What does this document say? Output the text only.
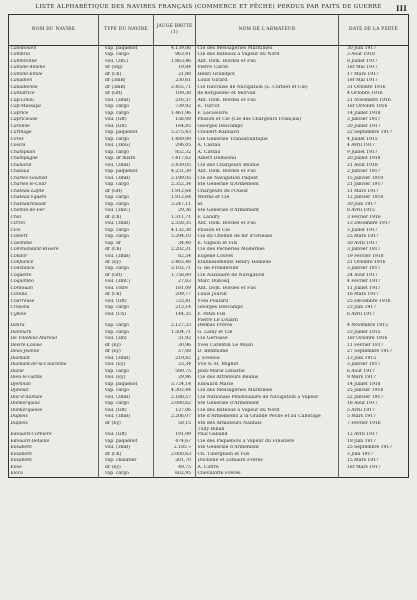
LISTE ALPHABÉTIQUE DES NAVIRES FRANÇAIS (COMMERCE ET PÊCHE) PERDUS PAR FAITS DE GUERRE III
NOM DU NAVIRE	TYPE DU NAVIRE	JAUGE BRUTE (1)	NOM DE L'ARMATEUR	DATE DE LA PERTE
Calédonien	vap. paquebot	4.139,06	Cie des Messageries Maritimes	30 Juin 1917
Cambrai	vap. cargo	963,41	Cie des Bateaux à Vapeur du Nord	3 Août 1918
Cambronne	voil. (3m.)	1.863,46	Ant. Dom. Bordes et Fils	8 Juillet 1917
Camille-Amélie	dr (Sfg)	19,84	Pierre Caron	1er Mai 1917
Camille-Émile	dr (Ch)	21,88	Henri Grandpot	17 Mars 1917
Canadien	dr (3mB)	230,61	Louis Girard	1er Mai 1917
Canadienne	dr (3mB)	2.455,71	Cie Havraise de Navigation (L. Corblet et Cie)	31 Octobre 1916
Cantatrice	dr (Gft)	109,38	de Kerguezec et Morvan	4 Octobre 1916
Cap-Lihou	voil. (3mB)	216,37	Ant. Dom. Bordes et Fils	21 Novembre 1916
Cap-Massaya	vap. cargo	739,92	E. Turcot	1er Octobre 1916
Caprice	vap. cargo	1.461,96	F. Lecoeuvre	14 Juillet 1918
Capricieuse	voil. (Gft)	156,09	Plisson et Cie (Cie des Chargeurs Français)	3 Janvier 1917
Caroline	voil. (Gft)	164,85	Georges Descamps	20 Juillet 1917
Carthage	vap. paquebot	5.275,43	Chobert-Railliard	22 Septembre 1917
Cérès	vap. cargo	1.489,99	Cie Générale Transatlantique	4 Juillet 1915
Césira	voil. (3mG)	296,05	A. Castau	4 Avril 1917
Champlain	vap. cargo	852,32	A. Castau	9 Juillet 1917
Champagne	vap. dr mixte	7.417,62	Albert Dumesnil	20 Juillet 1918
Chanaral	voil. (3mB)	2.439,05	Cie des Chargeurs Réunis	21 Août 1918
Chaouia	vap. paquebot	4.231,39	Ant. Dom. Bordes et Fils	2 Janvier 1917
Charles-Gounod	voil. (3mB)	2.199,05	Cie de Navigation Paquet	15 Janvier 1919
Charles-le-Cour	vap. cargo	2.352,34	Sté Générale d'Armement	21 Janvier 1917
Château-Lafite	dr (Gft)	1.912,64	Chargeurs de l'Ouest	11 Mars 1917
Château-Yquem	vap. cargo	1.912,64	Worms et Cie	12 Janvier 1918
Châteaurenault	vap. cargo	3.247,11	id.	30 Juin 1917
Chemin-de-Fer	voil. (3mC)	29,36	Sté Générale d'Armement	8 Avril 1915
Chili	dr (Ch)	1.311,71	F. Landry	3 Février 1916
Citron	voil. (3mB)	2.358,35	Ant. Dom. Bordes et Fils	13 Décembre 1917
Cicé	vap. cargo	4.132,38	Plisson et Cie	5 Juillet 1917
Colbert	vap. cargo	5.294,10	Cie du Chemin de fer d'Orléans	25 Mars 1917
Colombie	vap. dr	34,40	E. Gignon et Fils	30 Avril 1917
Commandant-Rivière	dr (Ch)	2.202,31	Cie des Pêcheries Modernes	3 Janvier 1917
Condor	voil. (3mB)	82,54	Eugène Louvet	19 Février 1918
Confiance	dr (Ey)	2.465,48	Établissements Henry Hamelle	21 Octobre 1916
Constance	vap. cargo	3.102,71	G. de Frondeville	3 Janvier 1917
Coquette	dr (Gft)	1.758,89	Cie Auxiliaire de Navigation	24 Août 1917
Coquimbo	voil. (3mC)	27,63	Marc Dubosq	4 Février 1917
Cordouan	voil. cotre	181,09	Ant. Dom. Bordes et Fils	11 Juillet 1917
Corelia	dr (Ch)	209,77	Louis Jouvin	16 Mars 1917
Courreuse	voil. (Gft)	723,41	Yves Poulard	25 Décembre 1916
Crosona	vap. cargo	213,14	Georges Descamps	23 Juin 1917
Cybèle	voil. (Ch)	144,35	F. Petin Fils	6 Avril 1917
			Pierre Le Louarn	
Dahra	vap. cargo	2.127,33	Delmas Frères	4 Novembre 1915
Danmark	vap. cargo	1.504,71	G. Lamy et Cie	23 Juillet 1915
De Villebois-Mareuil	voil. (3m)	31,92	Cie Gervaise	1er Octobre 1916
Désiré-Louise	dr (Ey)	30,96	Yves Corentin Le Moan	11 Février 1917
Deux-Jeanne	dr (Ey)	57,08	D. Benthome	27 Septembre 1917
Diamant	voil. (3mB)	219,82	J. Evenou	13 Juin 1915
Diamant-de-la-Couronne	voil. (Ey)	23,34	Vve A.-H. Mignot	3 Janvier 1917
Diane	vap. cargo	589,75	Jean-Marie Lebarbe	6 Août 1917
Dieu-le-Garde	voil. (Ey)	29,96	Cie des Affréteurs Réunis	9 Mars 1917
Djemnah	vap. paquebot	3.724,14	Édouard Marie	14 Juillet 1918
Djibouti	vap. cargo	4.302,44	Cie des Messageries Maritimes	25 Janvier 1918
Duc-d'Aumale	voil. (3mB)	2.188,57	Cie Nationale Péninsulaire de Navigation à Vapeur	22 Janvier 1917
Dunkerquois	vap. cargo	2.080,62	Sté Générale d'Armement	18 Août 1917
Dunkerquoise	voil. (Gft)	127,06	Cie des Bateaux à Vapeur du Nord	5 Avril 1917
Dupleix	voil. (3mB)	2.206,07	Sté d'Armements à la Grande Pêche et au Cabotage	5 Mars 1917
Dupleix	dr (Ey)	58,15	Sté des Armateurs Nantais	7 Février 1916
			Tudy Bihan	
Édouard-Corbière	voil. (Gft)	191,99	Paul Galland	12 Avril 1917
Édouard-Detaille	vap. paquebot	474,67	Cie des Paquebots à Vapeur du Finistère	19 Juin 1917
Élisabeth	voil. (3mB)	2.185 »	Sté Générale d'Armement	25 Septembre 1917
Élisabeth	dr (Ch)	2.000,63	Ch. Tiberghien et Fils	3 Juin 1917
Élisabeth	vap. chalutier	201,70	Duchêne et Lemaire Frères	15 Mars 1917
Élise	dr (Ey)	49,75	A. Coffre	1er Mars 1917
Élora	vap. cargo	602,95	Chevillotte Frères	
